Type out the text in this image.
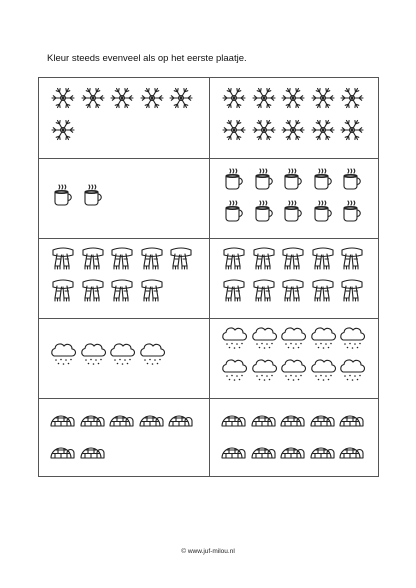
Kleur steeds evenveel als op het eerste plaatje.
© www.juf-milou.nl
